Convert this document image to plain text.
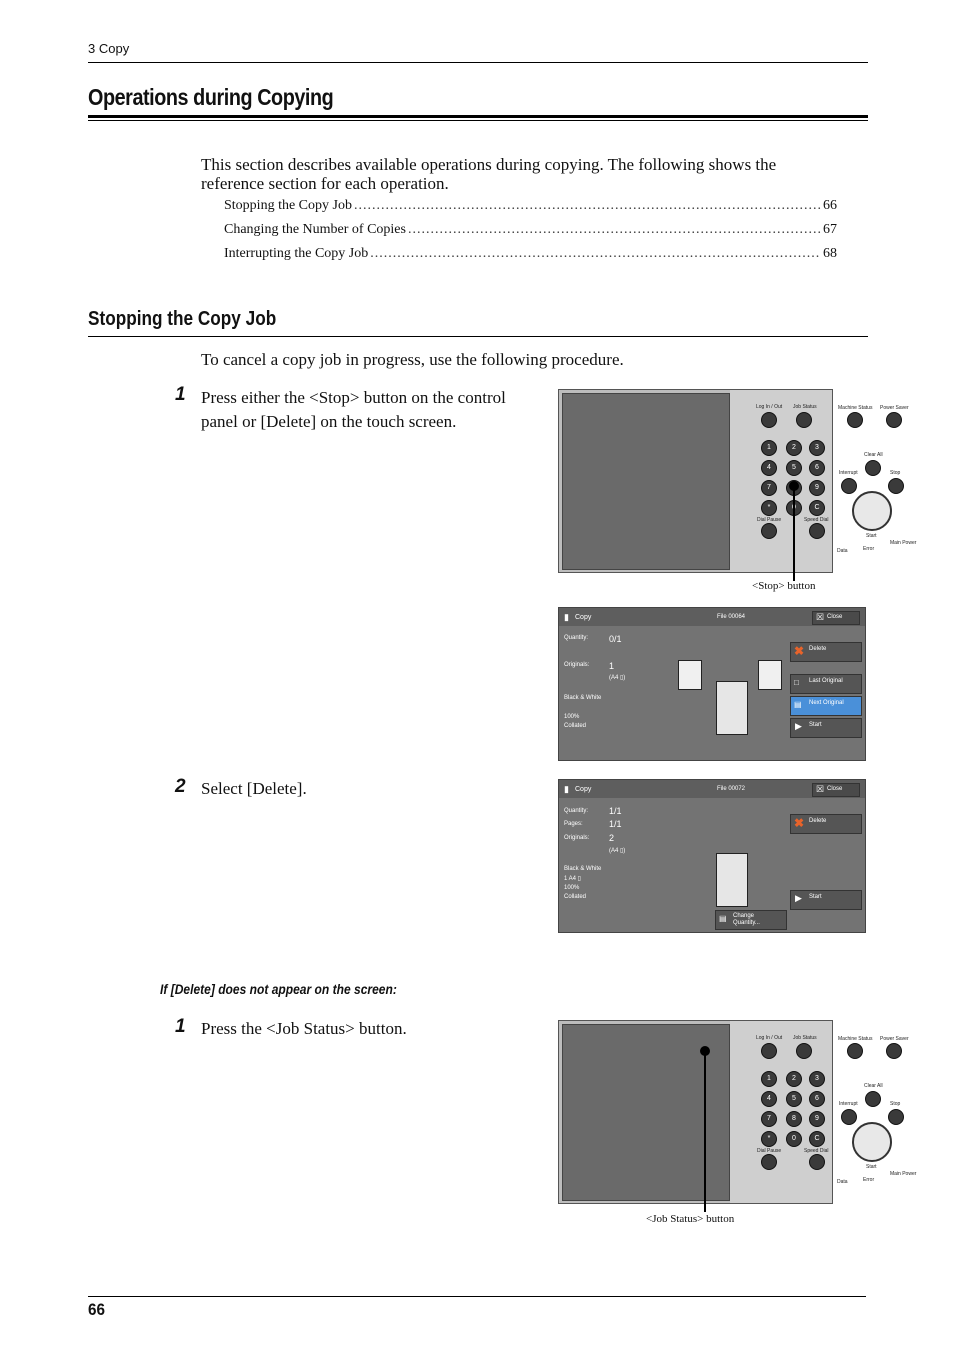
3 Copy
Operations during Copying
This section describes available operations during copying. The following shows the
reference section for each operation.
Stopping the Copy Job .....	66
Changing the Number of Copies .....	67
Interrupting the Copy Job .....	68
Stopping the Copy Job
To cancel a copy job in progress, use the following procedure.
1 Press either the <Stop> button on the control
panel or [Delete] on the touch screen.
Log In / Out Job Status	Machine Status Power Saver
1	2	3
4	5	6
7	9
*	C
Dial Pause	Speed Dial
Clear All
Interrupt	Stop
Start
Data	Error
Main Power
<Stop> button
▮ Copy	File 00064	☒ Close
Quantity: 0/1
Originals: 1
(A4 ▯)
Black & White
100%
Collated
✖ Delete
□ Last Original
▤ Next Original
▶ Start
2 Select [Delete].	▮ Copy	File 00072	☒ Close
Quantity: 1/1
Pages:	1/1
Originals: 2
(A4 ▯)
Black & White
1 A4 ▯
100%
Collated
✖ Delete
▶ Start
▤ Change Quantity...
If [Delete] does not appear on the screen:
1 Press the <Job Status> button.	Log In / Out Job Status	Machine Status Power Saver
1	2	3
4	5	6
7	8	9
*	0	C
Dial Pause	Speed Dial
Clear All
Interrupt	Stop
Start
Data	Error
Main Power
<Job Status> button
66
